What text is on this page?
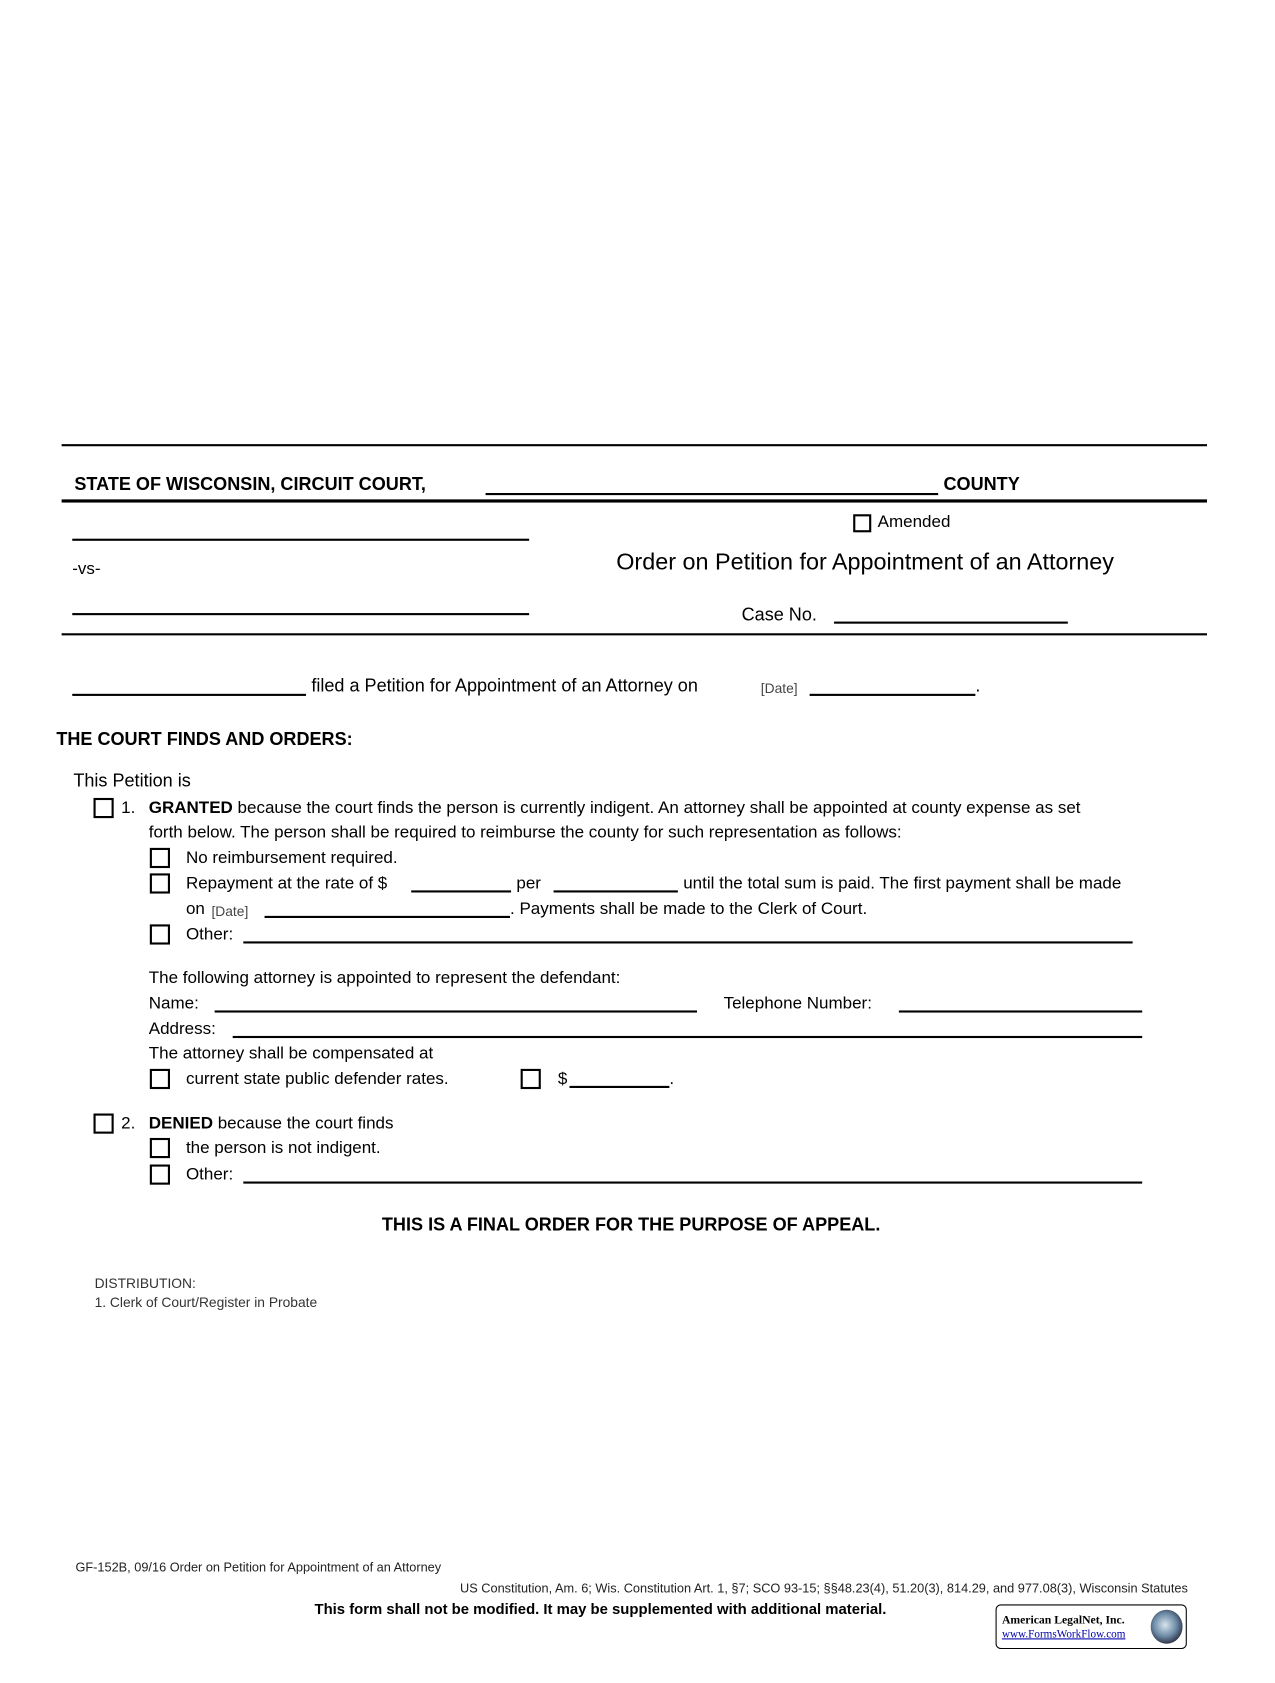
STATE OF WISCONSIN, CIRCUIT COURT,	COUNTY
Amended
-vs-	Order on Petition for Appointment of an Attorney
Case No.
filed a Petition for Appointment of an Attorney on	[Date]	.
THE COURT FINDS AND ORDERS:
This Petition is
1. GRANTED because the court finds the person is currently indigent. An attorney shall be appointed at county expense as set
forth below. The person shall be required to reimburse the county for such representation as follows:
No reimbursement required.
Repayment at the rate of $	per	until the total sum is paid. The first payment shall be made
on [Date]	. Payments shall be made to the Clerk of Court.
Other:
The following attorney is appointed to represent the defendant:
Name:	Telephone Number:
Address:
The attorney shall be compensated at
current state public defender rates.	$	.
2. DENIED because the court finds
the person is not indigent.
Other:
THIS IS A FINAL ORDER FOR THE PURPOSE OF APPEAL.
DISTRIBUTION:
1. Clerk of Court/Register in Probate
GF-152B, 09/16 Order on Petition for Appointment of an Attorney
US Constitution, Am. 6; Wis. Constitution Art. 1, §7; SCO 93-15; §§48.23(4), 51.20(3), 814.29, and 977.08(3), Wisconsin Statutes
This form shall not be modified. It may be supplemented with additional material.
American LegalNet, Inc.
www.FormsWorkFlow.com
